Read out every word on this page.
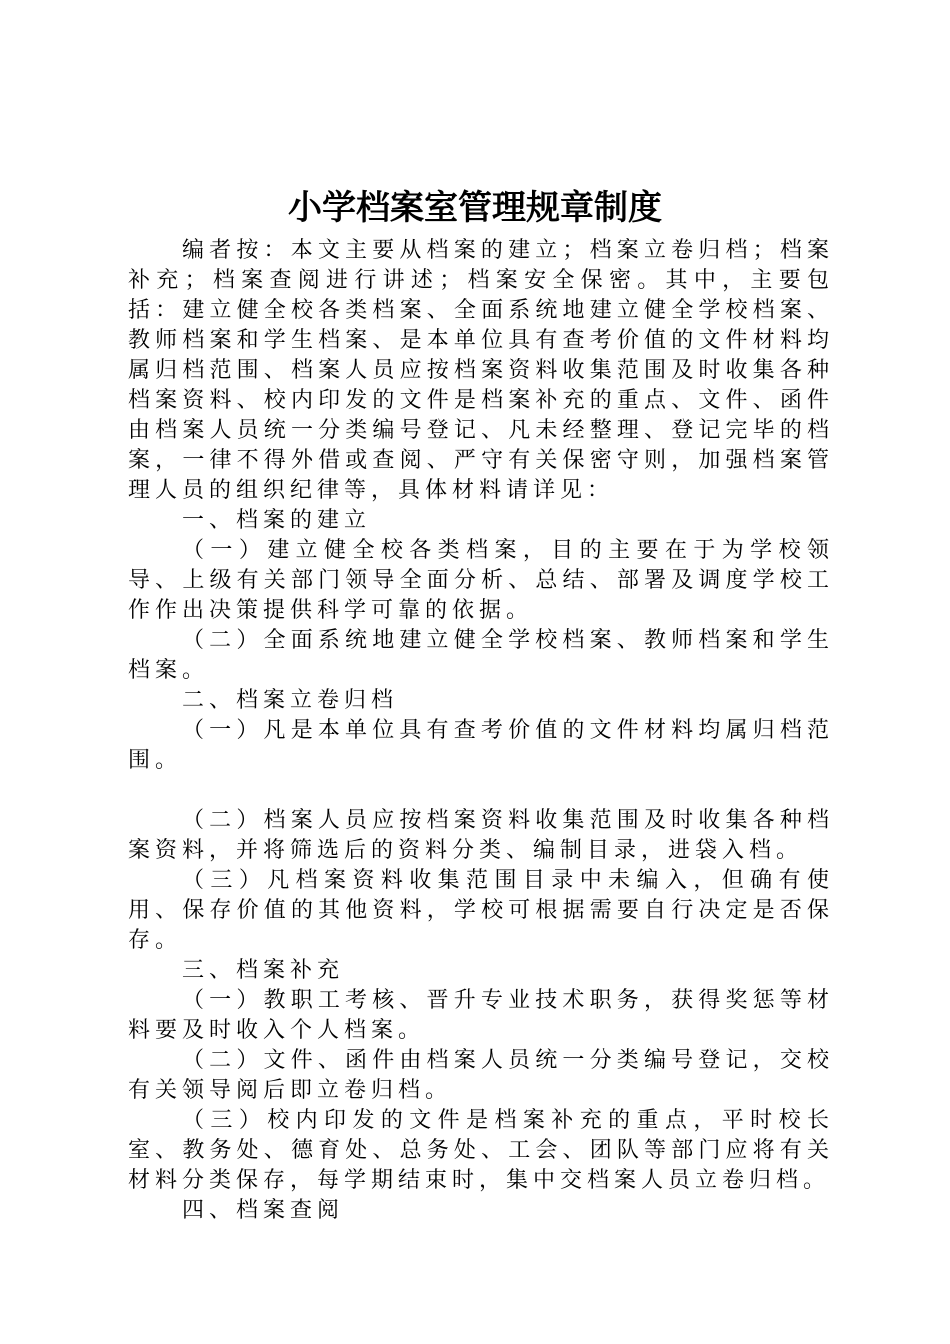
小学档案室管理规章制度

编者按：本文主要从档案的建立；档案立卷归档；档案补充；档案查阅进行讲述；档案安全保密。其中，主要包括：建立健全校各类档案、全面系统地建立健全学校档案、教师档案和学生档案、是本单位具有查考价值的文件材料均属归档范围、档案人员应按档案资料收集范围及时收集各种档案资料、校内印发的文件是档案补充的重点、文件、函件由档案人员统一分类编号登记、凡未经整理、登记完毕的档案，一律不得外借或查阅、严守有关保密守则，加强档案管理人员的组织纪律等，具体材料请详见：

一、档案的建立

（一）建立健全校各类档案，目的主要在于为学校领导、上级有关部门领导全面分析、总结、部署及调度学校工作作出决策提供科学可靠的依据。

（二）全面系统地建立健全学校档案、教师档案和学生档案。

二、档案立卷归档

（一）凡是本单位具有查考价值的文件材料均属归档范围。

（二）档案人员应按档案资料收集范围及时收集各种档案资料，并将筛选后的资料分类、编制目录，进袋入档。

（三）凡档案资料收集范围目录中未编入，但确有使用、保存价值的其他资料，学校可根据需要自行决定是否保存。

三、档案补充

（一）教职工考核、晋升专业技术职务，获得奖惩等材料要及时收入个人档案。

（二）文件、函件由档案人员统一分类编号登记，交校有关领导阅后即立卷归档。

（三）校内印发的文件是档案补充的重点，平时校长室、教务处、德育处、总务处、工会、团队等部门应将有关材料分类保存，每学期结束时，集中交档案人员立卷归档。

四、档案查阅
